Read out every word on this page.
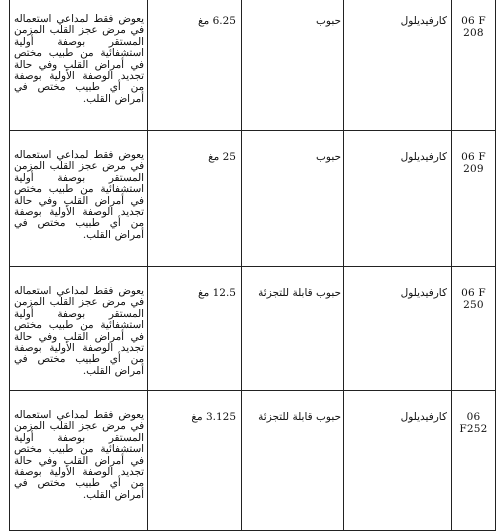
يعوض فقط لمداعي استعماله في مرض عجز القلب المزمن المستقر بوصفة أولية استشفائية من طبيب مختص في أمراض القلب وفي حالة تجديد الوصفة الأولية بوصفة من أي طبيب مختص في أمراض القلب.	6.25 مغ	حبوب	كارفيديلول	06 F 208
يعوض فقط لمداعي استعماله في مرض عجز القلب المزمن المستقر بوصفة أولية استشفائية من طبيب مختص في أمراض القلب وفي حالة تجديد الوصفة الأولية بوصفة من أي طبيب مختص في أمراض القلب.	25 مغ	حبوب	كارفيديلول	06 F 209
يعوض فقط لمداعي استعماله في مرض عجز القلب المزمن المستقر بوصفة أولية استشفائية من طبيب مختص في أمراض القلب وفي حالة تجديد الوصفة الأولية بوصفة من أي طبيب مختص في أمراض القلب.	12.5 مغ	حبوب قابلة للتجزئة	كارفيديلول	06 F 250
يعوض فقط لمداعي استعماله في مرض عجز القلب المزمن المستقر بوصفة أولية استشفائية من طبيب مختص في أمراض القلب وفي حالة تجديد الوصفة الأولية بوصفة من أي طبيب مختص في أمراض القلب.	3.125 مغ	حبوب قابلة للتجزئة	كارفيديلول	06 F252
